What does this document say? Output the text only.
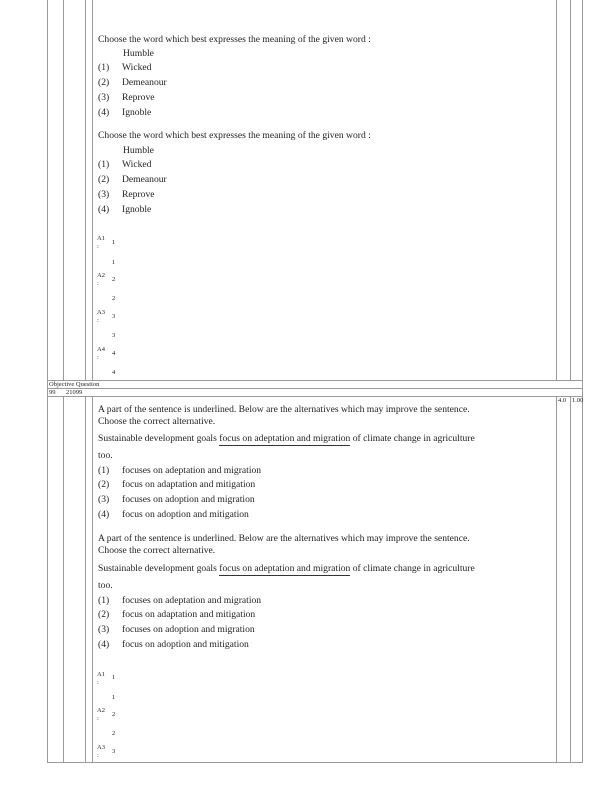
Choose the word which best expresses the meaning of the given word :
Humble
(1) Wicked
(2) Demeanour
(3) Reprove
(4) Ignoble
Choose the word which best expresses the meaning of the given word :
Humble
(1) Wicked
(2) Demeanour
(3) Reprove
(4) Ignoble
A1
:
1
1
A2
:
2
2
A3
:
3
3
A4
:
4
4
Objective Question
99 21099
4.0 1.00
A part of the sentence is underlined. Below are the alternatives which may improve the sentence.
Choose the correct alternative.
Sustainable development goals focus on adeptation and migration of climate change in agriculture
too.
(1) focuses on adeptation and migration
(2) focus on adaptation and mitigation
(3) focuses on adoption and migration
(4) focus on adoption and mitigation
A part of the sentence is underlined. Below are the alternatives which may improve the sentence.
Choose the correct alternative.
Sustainable development goals focus on adeptation and migration of climate change in agriculture
too.
(1) focuses on adeptation and migration
(2) focus on adaptation and mitigation
(3) focuses on adoption and migration
(4) focus on adoption and mitigation
A1
:
1
1
A2
:
2
2
A3
:
3
